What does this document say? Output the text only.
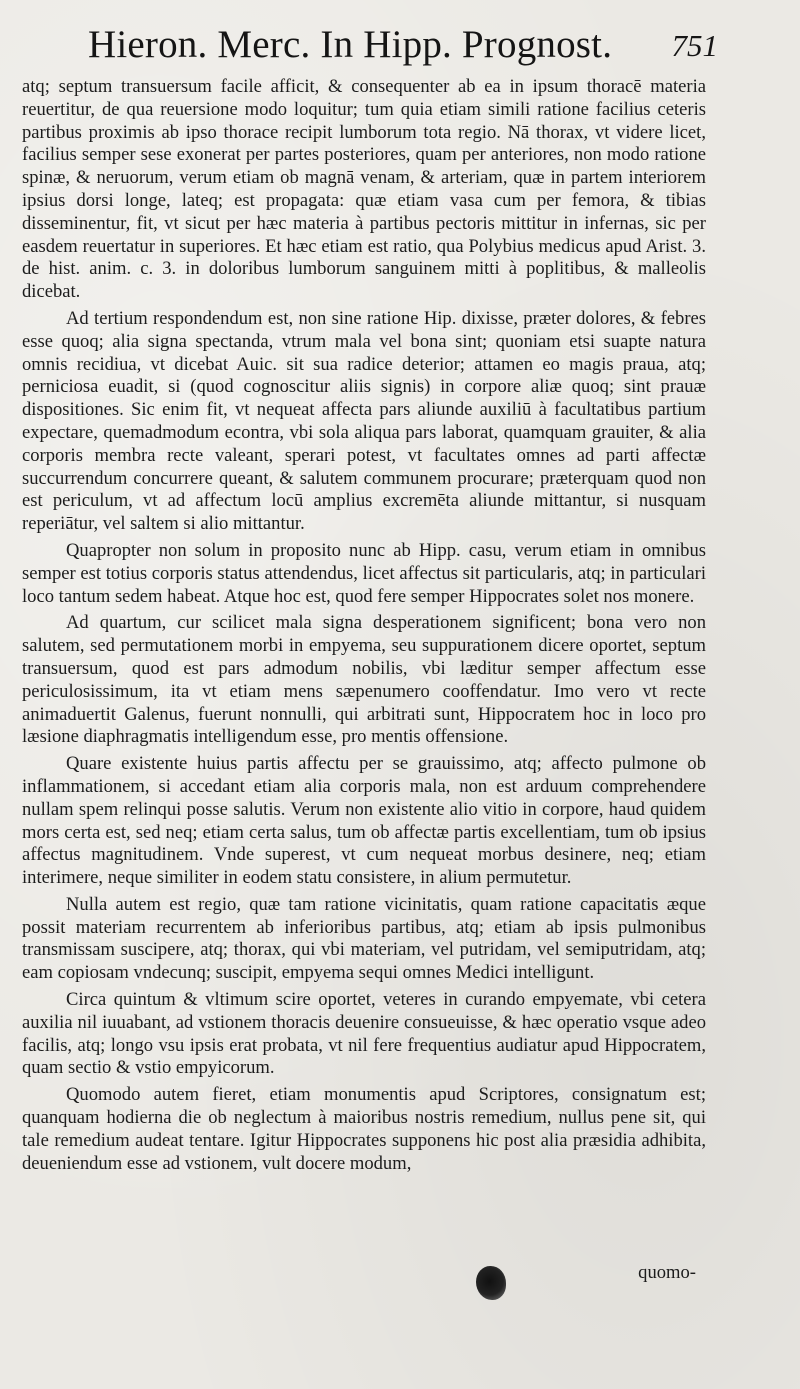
Hieron. Merc. In Hipp. Prognost. 751

atq; septum transuersum facile afficit, & consequenter ab ea in ipsum thoracē materia reuertitur, de qua reuersione modo loquitur; tum quia etiam simili ratione facilius ceteris partibus proximis ab ipso thorace recipit lumborum tota regio. Nā thorax, vt videre licet, facilius semper sese exonerat per partes posteriores, quam per anteriores, non modo ratione spinæ, & neruorum, verum etiam ob magnā venam, & arteriam, quæ in partem interiorem ipsius dorsi longe, lateq; est propagata: quæ etiam vasa cum per femora, & tibias disseminentur, fit, vt sicut per hæc materia à partibus pectoris mittitur in infernas, sic per easdem reuertatur in superiores. Et hæc etiam est ratio, qua Polybius medicus apud Arist. 3. de hist. anim. c. 3. in doloribus lumborum sanguinem mitti à poplitibus, & malleolis dicebat.

Ad tertium respondendum est, non sine ratione Hip. dixisse, præter dolores, & febres esse quoq; alia signa spectanda, vtrum mala vel bona sint; quoniam etsi suapte natura omnis recidiua, vt dicebat Auic. sit sua radice deterior; attamen eo magis praua, atq; perniciosa euadit, si (quod cognoscitur aliis signis) in corpore aliæ quoq; sint prauæ dispositiones. Sic enim fit, vt nequeat affecta pars aliunde auxiliū à facultatibus partium expectare, quemadmodum econtra, vbi sola aliqua pars laborat, quamquam grauiter, & alia corporis membra recte valeant, sperari potest, vt facultates omnes ad parti affectæ succurrendum concurrere queant, & salutem communem procurare; præterquam quod non est periculum, vt ad affectum locū amplius excremēta aliunde mittantur, si nusquam reperiātur, vel saltem si alio mittantur.

Quapropter non solum in proposito nunc ab Hipp. casu, verum etiam in omnibus semper est totius corporis status attendendus, licet affectus sit particularis, atq; in particulari loco tantum sedem habeat. Atque hoc est, quod fere semper Hippocrates solet nos monere.

Ad quartum, cur scilicet mala signa desperationem significent; bona vero non salutem, sed permutationem morbi in empyema, seu suppurationem dicere oportet, septum transuersum, quod est pars admodum nobilis, vbi læditur semper affectum esse periculosissimum, ita vt etiam mens sæpenumero cooffendatur. Imo vero vt recte animaduertit Galenus, fuerunt nonnulli, qui arbitrati sunt, Hippocratem hoc in loco pro læsione diaphragmatis intelligendum esse, pro mentis offensione.

Quare existente huius partis affectu per se grauissimo, atq; affecto pulmone ob inflammationem, si accedant etiam alia corporis mala, non est arduum comprehendere nullam spem relinqui posse salutis. Verum non existente alio vitio in corpore, haud quidem mors certa est, sed neq; etiam certa salus, tum ob affectæ partis excellentiam, tum ob ipsius affectus magnitudinem. Vnde superest, vt cum nequeat morbus desinere, neq; etiam interimere, neque similiter in eodem statu consistere, in alium permutetur.

Nulla autem est regio, quæ tam ratione vicinitatis, quam ratione capacitatis æque possit materiam recurrentem ab inferioribus partibus, atq; etiam ab ipsis pulmonibus transmissam suscipere, atq; thorax, qui vbi materiam, vel putridam, vel semiputridam, atq; eam copiosam vndecunq; suscipit, empyema sequi omnes Medici intelligunt.

Circa quintum & vltimum scire oportet, veteres in curando empyemate, vbi cetera auxilia nil iuuabant, ad vstionem thoracis deuenire consueuisse, & hæc operatio vsque adeo facilis, atq; longo vsu ipsis erat probata, vt nil fere frequentius audiatur apud Hippocratem, quam sectio & vstio empyicorum.

Quomodo autem fieret, etiam monumentis apud Scriptores, consignatum est; quanquam hodierna die ob neglectum à maioribus nostris remedium, nullus pene sit, qui tale remedium audeat tentare. Igitur Hippocrates supponens hic post alia præsidia adhibita, deueniendum esse ad vstionem, vult docere modum,

quomo-
